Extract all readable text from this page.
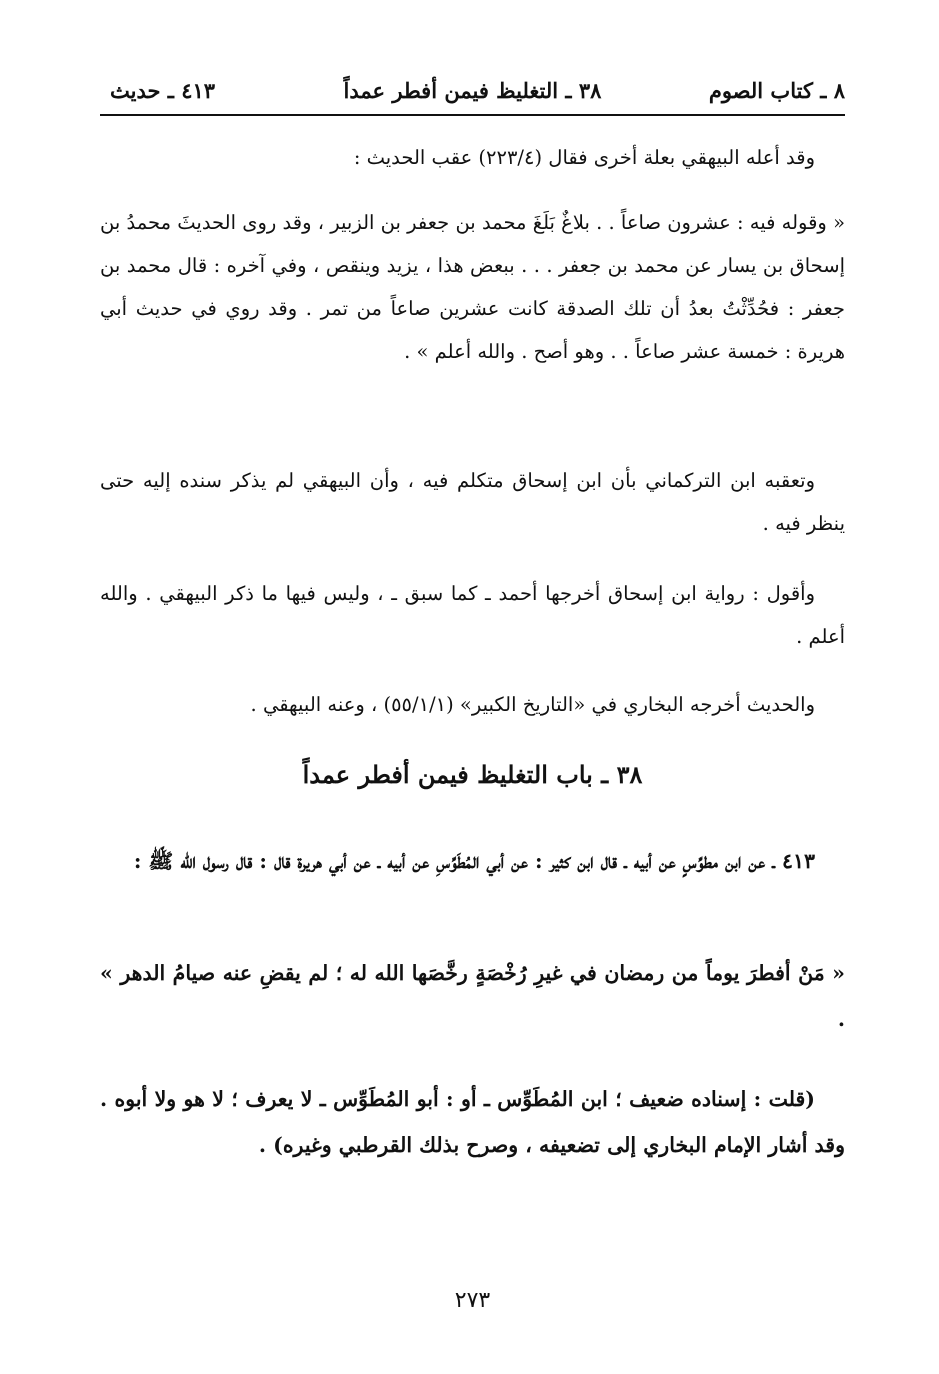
٨ ـ كتاب الصوم
٣٨ ـ التغليظ فيمن أفطر عمداً
٤١٣ ـ حديث

وقد أعله البيهقي بعلة أخرى فقال (٢٢٣/٤) عقب الحديث :

« وقوله فيه : عشرون صاعاً . . بلاغٌ بَلَغَ محمد بن جعفر بن الزبير ، وقد روى الحديثَ محمدُ بن إسحاق بن يسار عن محمد بن جعفر . . . ببعض هذا ، يزيد وينقص ، وفي آخره : قال محمد بن جعفر : فحُدِّثْتُ بعدُ أن تلك الصدقة كانت عشرين صاعاً من تمر . وقد روي في حديث أبي هريرة : خمسة عشر صاعاً . . وهو أصح . والله أعلم » .

وتعقبه ابن التركماني بأن ابن إسحاق متكلم فيه ، وأن البيهقي لم يذكر سنده إليه حتى ينظر فيه .

وأقول : رواية ابن إسحاق أخرجها أحمد ـ كما سبق ـ ، وليس فيها ما ذكر البيهقي . والله أعلم .

والحديث أخرجه البخاري في «التاريخ الكبير» (٥٥/١/١) ، وعنه البيهقي .

٣٨ ـ باب التغليظ فيمن أفطر عمداً

٤١٣ ـ عن ابن مطوِّسٍ عن أبيه ـ قال ابن كثير : عن أبي المُطَوِّسِ عن أبيه ـ عن أبي هريرة قال : قال رسول الله ﷺ :

« مَنْ أفطرَ يوماً من رمضان في غيرِ رُخْصَةٍ رخَّصَها الله له ؛ لم يقضِ عنه صيامُ الدهر » .

(قلت : إسناده ضعيف ؛ ابن المُطَوِّس ـ أو : أبو المُطَوِّس ـ لا يعرف ؛ لا هو ولا أبوه . وقد أشار الإمام البخاري إلى تضعيفه ، وصرح بذلك القرطبي وغيره) .

٢٧٣
